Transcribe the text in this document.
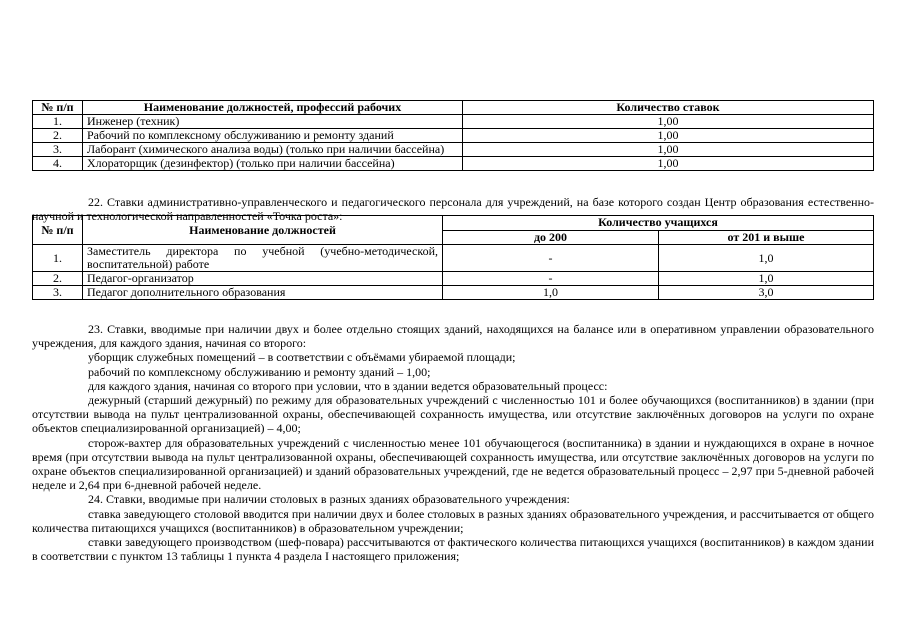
№ п/п	Наименование должностей, профессий рабочих	Количество ставок
1.	Инженер (техник)	1,00
2.	Рабочий по комплексному обслуживанию и ремонту зданий	1,00
3.	Лаборант (химического анализа воды) (только при наличии бассейна)	1,00
4.	Хлораторщик (дезинфектор) (только при наличии бассейна)	1,00

22. Ставки административно-управленческого и педагогического персонала для учреждений, на базе которого создан Центр образования естественно-научной и технологической направленностей «Точка роста»:

№ п/п	Наименование должностей	Количество учащихся	
		до 200	от 201 и выше
1.	Заместитель директора по учебной (учебно-методической, воспитательной) работе	-	1,0
2.	Педагог-организатор	-	1,0
3.	Педагог дополнительного образования	1,0	3,0

23. Ставки, вводимые при наличии двух и более отдельно стоящих зданий, находящихся на балансе или в оперативном управлении образовательного учреждения, для каждого здания, начиная со второго:

уборщик служебных помещений – в соответствии с объёмами убираемой площади;

рабочий по комплексному обслуживанию и ремонту зданий – 1,00;

для каждого здания, начиная со второго при условии, что в здании ведется образовательный процесс:

дежурный (старший дежурный) по режиму для образовательных учреждений с численностью 101 и более обучающихся (воспитанников) в здании (при отсутствии вывода на пульт централизованной охраны, обеспечивающей сохранность имущества, или отсутствие заключённых договоров на услуги по охране объектов специализированной организацией) – 4,00;

сторож-вахтер для образовательных учреждений с численностью менее 101 обучающегося (воспитанника) в здании и нуждающихся в охране в ночное время (при отсутствии вывода на пульт централизованной охраны, обеспечивающей сохранность имущества, или отсутствие заключённых договоров на услуги по охране объектов специализированной организацией) и зданий образовательных учреждений, где не ведется образовательный процесс – 2,97 при 5-дневной рабочей неделе и 2,64 при 6-дневной рабочей неделе.

24. Ставки, вводимые при наличии столовых в разных зданиях образовательного учреждения:

ставка заведующего столовой вводится при наличии двух и более столовых в разных зданиях образовательного учреждения, и рассчитывается от общего количества питающихся учащихся (воспитанников) в образовательном учреждении;

ставки заведующего производством (шеф-повара) рассчитываются от фактического количества питающихся учащихся (воспитанников) в каждом здании в соответствии с пунктом 13 таблицы 1 пункта 4 раздела I настоящего приложения;
